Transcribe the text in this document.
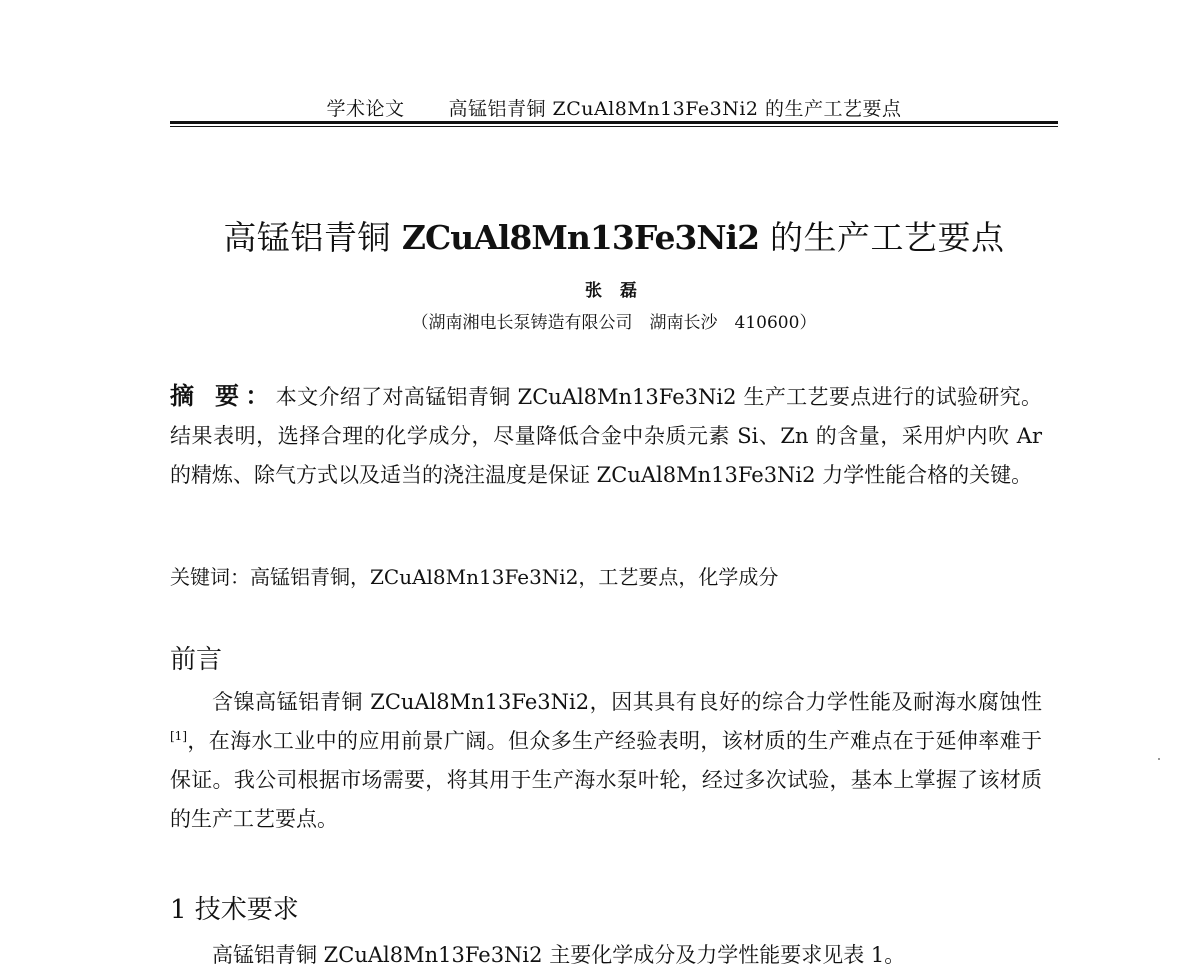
学术论文 高锰铝青铜 ZCuAl8Mn13Fe3Ni2 的生产工艺要点
高锰铝青铜 ZCuAl8Mn13Fe3Ni2 的生产工艺要点
张 磊
（湖南湘电长泵铸造有限公司　湖南长沙　410600）
摘 要：本文介绍了对高锰铝青铜 ZCuAl8Mn13Fe3Ni2 生产工艺要点进行的试验研究。结果表明，选择合理的化学成分，尽量降低合金中杂质元素 Si、Zn 的含量，采用炉内吹 Ar 的精炼、除气方式以及适当的浇注温度是保证 ZCuAl8Mn13Fe3Ni2 力学性能合格的关键。
关键词：高锰铝青铜，ZCuAl8Mn13Fe3Ni2，工艺要点，化学成分
前言
含镍高锰铝青铜 ZCuAl8Mn13Fe3Ni2，因其具有良好的综合力学性能及耐海水腐蚀性[1]，在海水工业中的应用前景广阔。但众多生产经验表明，该材质的生产难点在于延伸率难于保证。我公司根据市场需要，将其用于生产海水泵叶轮，经过多次试验，基本上掌握了该材质的生产工艺要点。
1 技术要求
高锰铝青铜 ZCuAl8Mn13Fe3Ni2 主要化学成分及力学性能要求见表 1。
